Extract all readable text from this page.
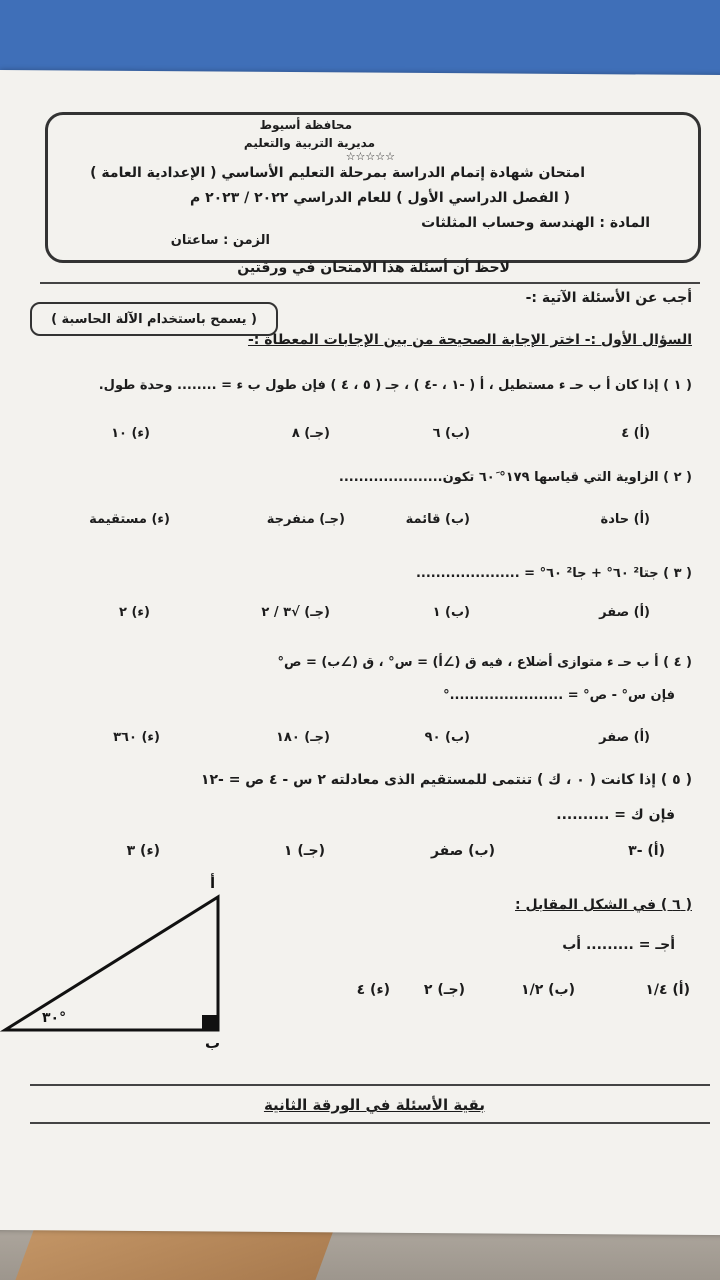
محافظة أسيوط
مديرية التربية والتعليم
☆☆☆☆☆
امتحان شهادة إتمام الدراسة بمرحلة التعليم الأساسي ( الإعدادية العامة )
( الفصل الدراسي الأول ) للعام الدراسي ٢٠٢٢ / ٢٠٢٣ م
المادة : الهندسة وحساب المثلثات
الزمن : ساعتان
لاحظ أن أسئلة هذا الامتحان في ورقتين
أجب عن الأسئلة الآتية :-
( يسمح باستخدام الآلة الحاسبة )
السؤال الأول :- اختر الإجابة الصحيحة من بين الإجابات المعطاة :-
( ١ ) إذا كان أ ب حـ ء مستطيل ، أ ( -١ ، -٤ ) ، جـ ( ٥ ، ٤ ) فإن طول ب ء = ........ وحدة طول.
(أ) ٤
(ب) ٦
(جـ) ٨
(ء) ١٠
( ٢ ) الزاوية التي قياسها ١٧٩° ٦٠َ تكون.....................
(أ) حادة
(ب) قائمة
(جـ) منفرجة
(ء) مستقيمة
( ٣ ) جتا² ٦٠° + جا² ٦٠° = .....................
(أ) صفر
(ب) ١
(جـ) √٣ / ٢
(ء) ٢
( ٤ ) أ ب حـ ء متوازى أضلاع ، فيه ق (∠أ) = س° ، ق (∠ب) = ص°
فإن س° - ص° = .......................°
(أ) صفر
(ب) ٩٠
(جـ) ١٨٠
(ء) ٣٦٠
( ٥ ) إذا كانت ( ٠ ، ك ) تنتمى للمستقيم الذى معادلته ٢ س - ٤ ص = -١٢
فإن ك = ..........
(أ) -٣
(ب) صفر
(جـ) ١
(ء) ٣
( ٦ ) في الشكل المقابل :
أجـ = ......... أب
(أ) ١/٤
(ب) ١/٢
(جـ) ٢
(ء) ٤
٣٠°
أ
ب
بقية الأسئلة في الورقة الثانية
